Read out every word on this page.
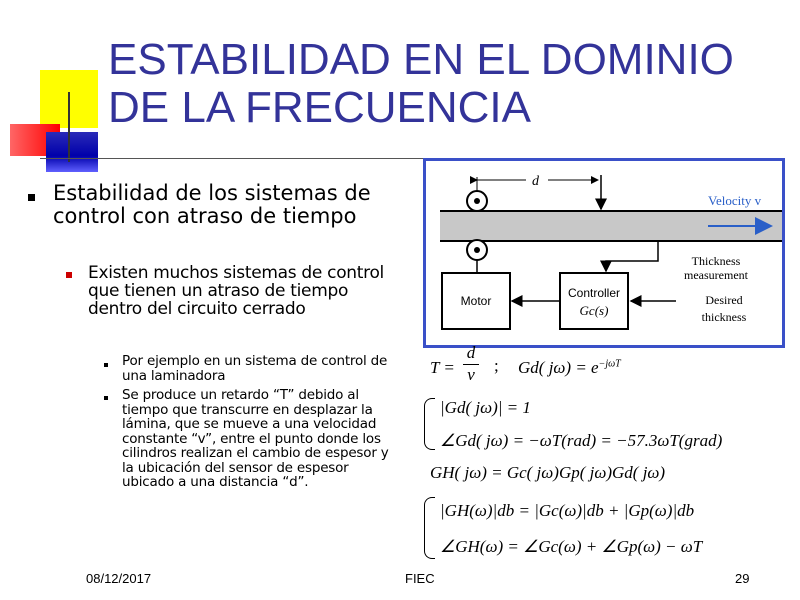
ESTABILIDAD EN EL DOMINIO
DE LA FRECUENCIA
Estabilidad de los sistemas de control con atraso de tiempo
Existen muchos sistemas de control que tienen un atraso de tiempo dentro del circuito cerrado
Por ejemplo en un sistema de control de una laminadora
Se produce un retardo “T” debido al tiempo que transcurre en desplazar la lámina, que se mueve a una velocidad constante “v”, entre el punto donde los cilindros realizan el cambio de espesor y la ubicación del sensor de espesor ubicado a una distancia “d”.
d
Velocity v
Motor
Controller
Gc(s)
Thickness
measurement
Desired
thickness
$T = \frac{d}{v}$ ; Gd( $j\omega) = e^{-j\omega T}$
|Gd( jω)| = 1
∠Gd( jω) = −ωT(rad) = −57.3ωT(grad)
GH( jω) = Gc( jω)Gp( jω)Gd( jω)
|GH(ω)|db = |Gc(ω)|db + |Gp(ω)|db
∠GH(ω) = ∠Gc(ω) + ∠Gp(ω) − ωT
08/12/2017	FIEC	29
